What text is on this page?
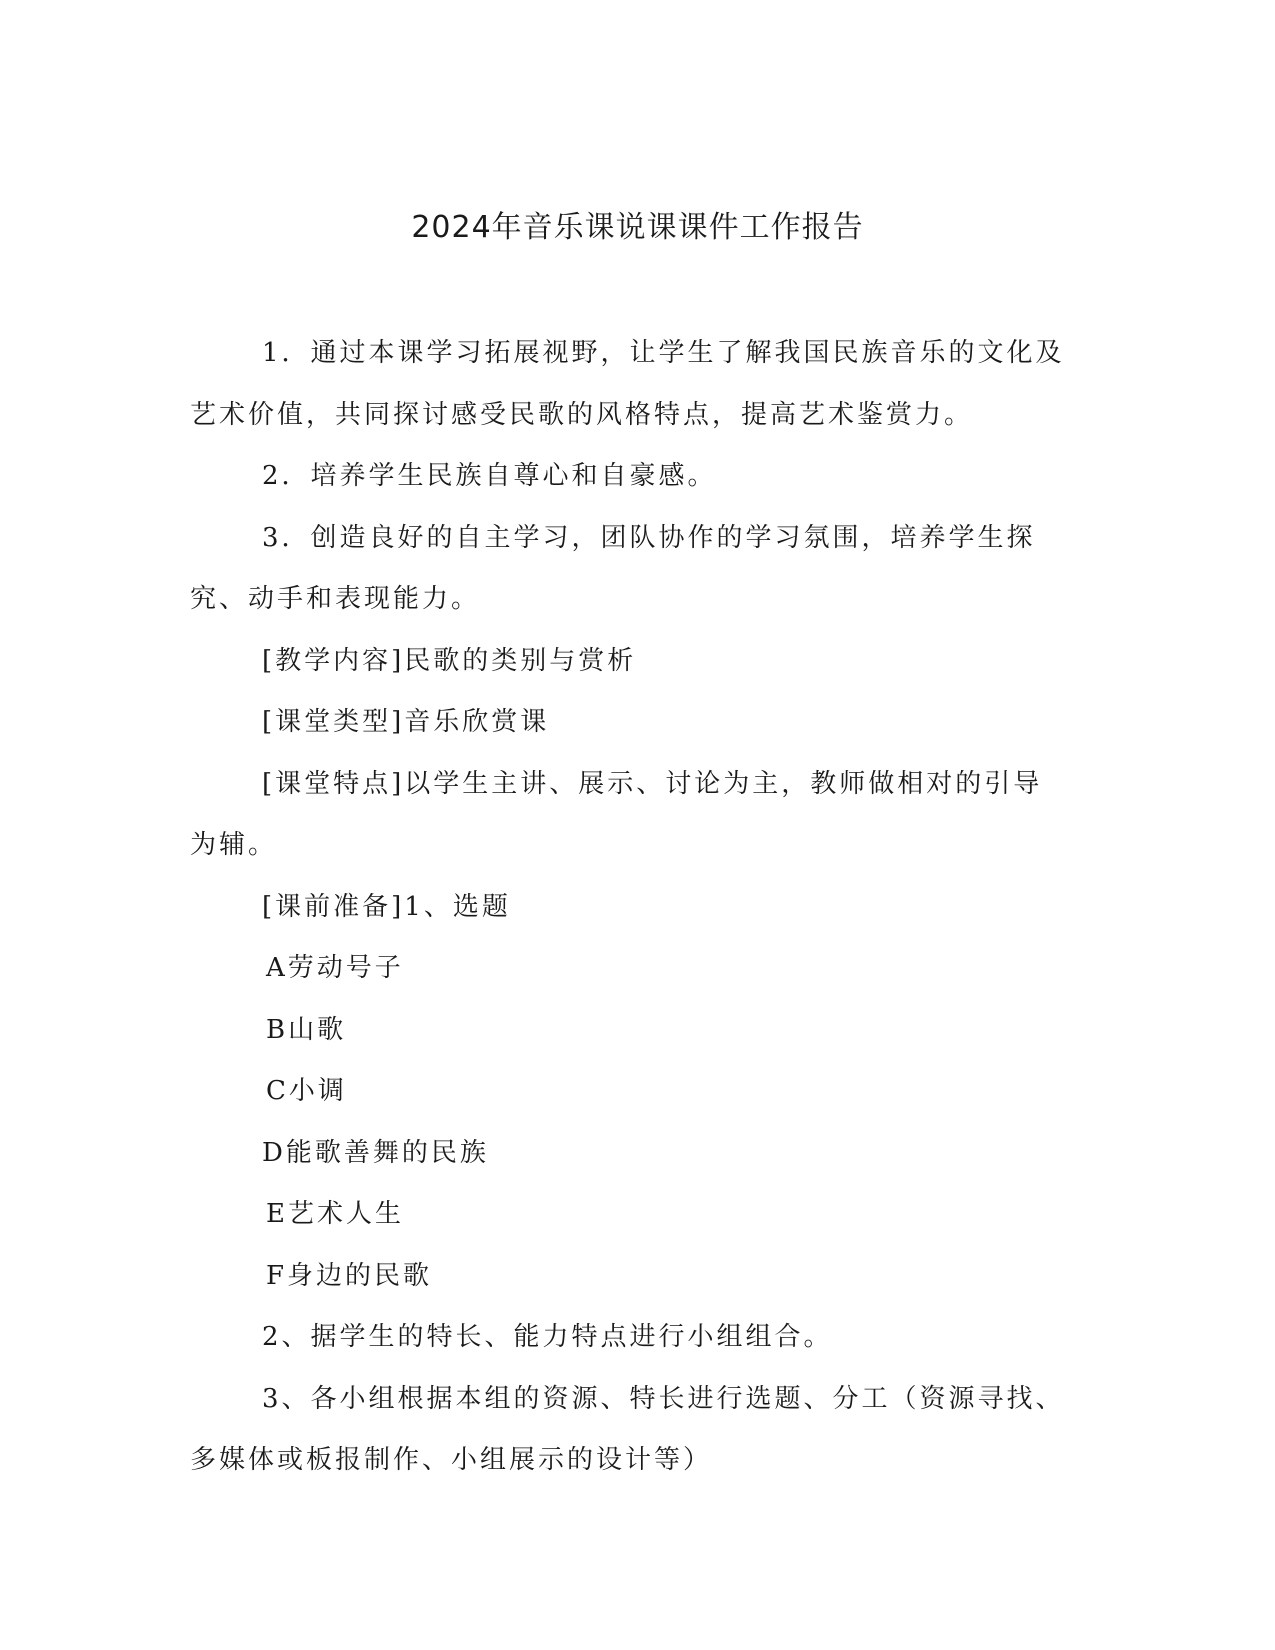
2024年音乐课说课课件工作报告

1．通过本课学习拓展视野，让学生了解我国民族音乐的文化及艺术价值，共同探讨感受民歌的风格特点，提高艺术鉴赏力。

2．培养学生民族自尊心和自豪感。

3．创造良好的自主学习，团队协作的学习氛围，培养学生探究、动手和表现能力。

[教学内容]民歌的类别与赏析

[课堂类型]音乐欣赏课

[课堂特点]以学生主讲、展示、讨论为主，教师做相对的引导为辅。

[课前准备]1、选题

A劳动号子

B山歌

C小调

D能歌善舞的民族

E艺术人生

F身边的民歌

2、据学生的特长、能力特点进行小组组合。

3、各小组根据本组的资源、特长进行选题、分工（资源寻找、多媒体或板报制作、小组展示的设计等）
